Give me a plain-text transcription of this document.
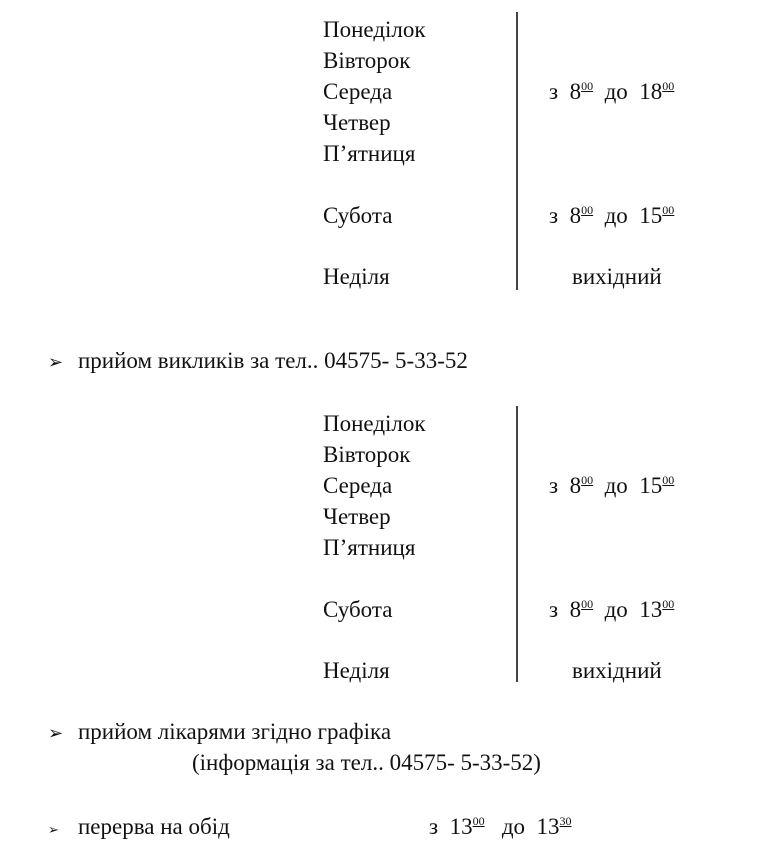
Понеділок
Вівторок
Середа
Четвер
П’ятниця
Субота
Неділя
з $8^{00}$ до $18^{00}$
з $8^{00}$ до $15^{00}$
вихідний
➢ прийом викликів за тел.. 04575- 5-33-52
Понеділок
Вівторок
Середа
Четвер
П’ятниця
Субота
Неділя
з $8^{00}$ до $15^{00}$
з $8^{00}$ до $13^{00}$
вихідний
➢ прийом лікарями згідно графіка
(інформація за тел.. 04575- 5-33-52)
➢ перерва на обід	з $13^{00}$ до $13^{30}$
